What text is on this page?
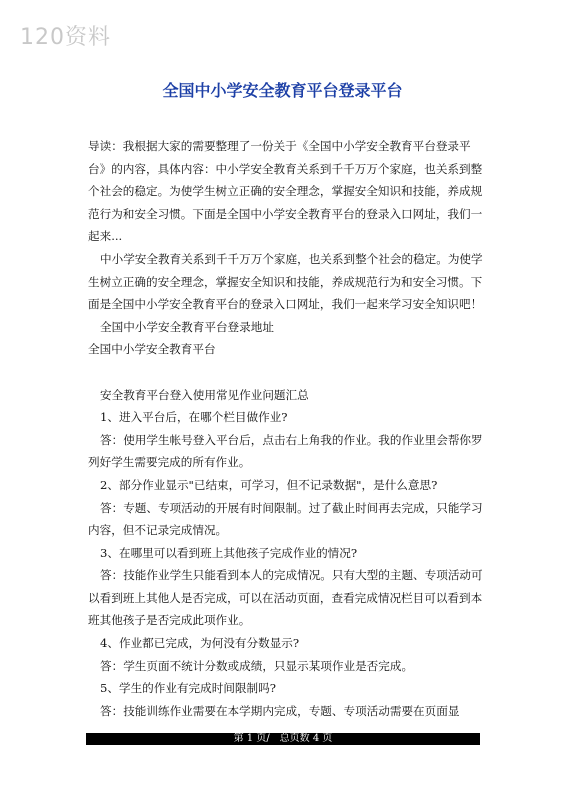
120资料
全国中小学安全教育平台登录平台

导读：我根据大家的需要整理了一份关于《全国中小学安全教育平台登录平台》的内容，具体内容：中小学安全教育关系到千千万万个家庭，也关系到整个社会的稳定。为使学生树立正确的安全理念，掌握安全知识和技能，养成规范行为和安全习惯。下面是全国中小学安全教育平台的登录入口网址，我们一起来...

中小学安全教育关系到千千万万个家庭，也关系到整个社会的稳定。为使学生树立正确的安全理念，掌握安全知识和技能，养成规范行为和安全习惯。下面是全国中小学安全教育平台的登录入口网址，我们一起来学习安全知识吧！

全国中小学安全教育平台登录地址

全国中小学安全教育平台

安全教育平台登入使用常见作业问题汇总

1、进入平台后，在哪个栏目做作业?

答：使用学生帐号登入平台后，点击右上角我的作业。我的作业里会帮你罗列好学生需要完成的所有作业。

2、部分作业显示"已结束，可学习，但不记录数据"，是什么意思?

答：专题、专项活动的开展有时间限制。过了截止时间再去完成，只能学习内容，但不记录完成情况。

3、在哪里可以看到班上其他孩子完成作业的情况?

答：技能作业学生只能看到本人的完成情况。只有大型的主题、专项活动可以看到班上其他人是否完成，可以在活动页面，查看完成情况栏目可以看到本班其他孩子是否完成此项作业。

4、作业都已完成，为何没有分数显示?

答：学生页面不统计分数或成绩，只显示某项作业是否完成。

5、学生的作业有完成时间限制吗?

答：技能训练作业需要在本学期内完成，专题、专项活动需要在页面显

第 1 页/　总页数 4 页
